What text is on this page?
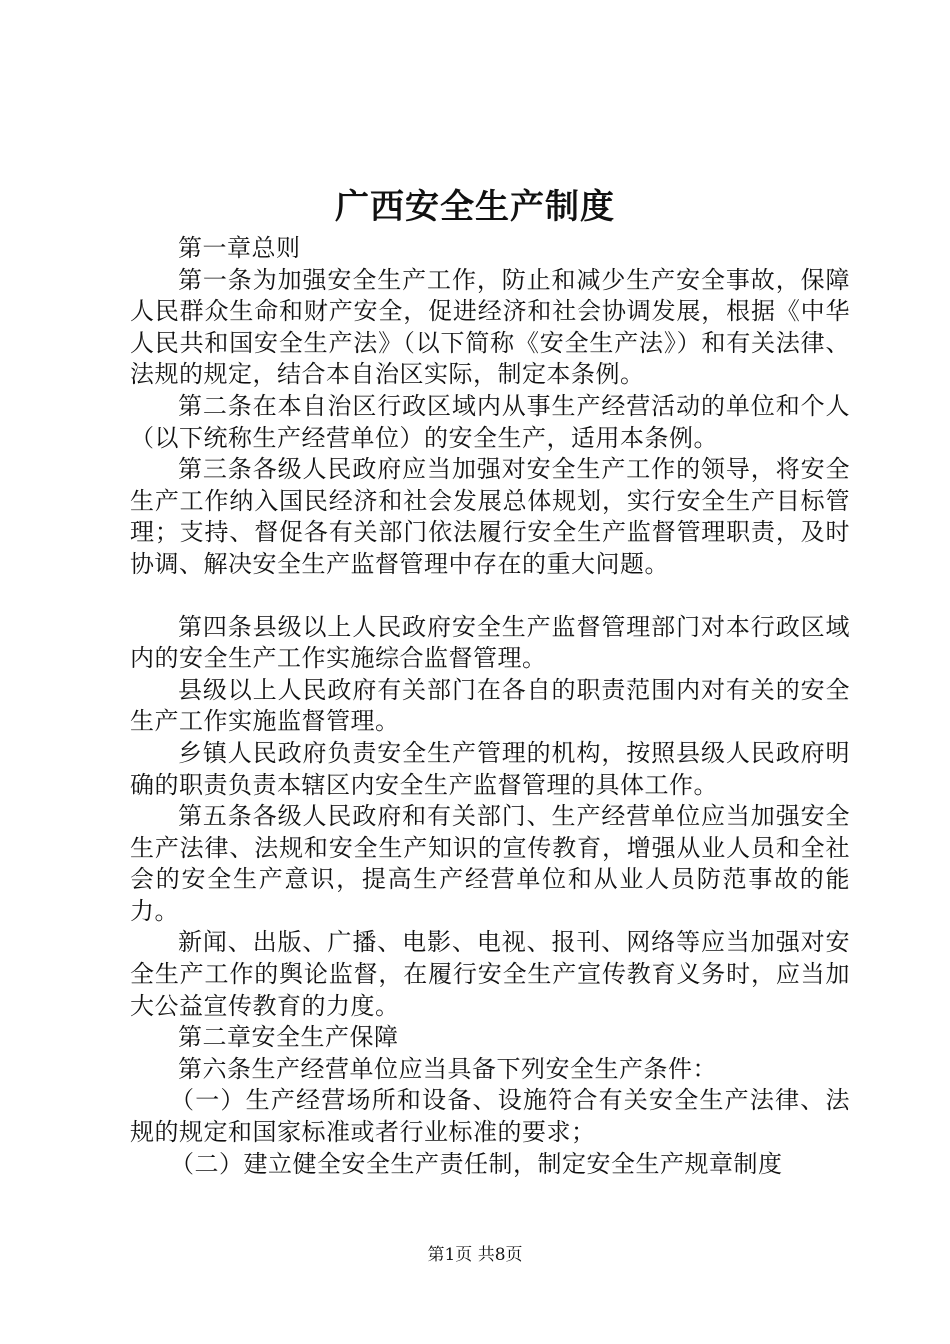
广西安全生产制度

第一章总则

第一条为加强安全生产工作，防止和减少生产安全事故，保障人民群众生命和财产安全，促进经济和社会协调发展，根据《中华人民共和国安全生产法》（以下简称《安全生产法》）和有关法律、法规的规定，结合本自治区实际，制定本条例。

第二条在本自治区行政区域内从事生产经营活动的单位和个人（以下统称生产经营单位）的安全生产，适用本条例。

第三条各级人民政府应当加强对安全生产工作的领导，将安全生产工作纳入国民经济和社会发展总体规划，实行安全生产目标管理；支持、督促各有关部门依法履行安全生产监督管理职责，及时协调、解决安全生产监督管理中存在的重大问题。

第四条县级以上人民政府安全生产监督管理部门对本行政区域内的安全生产工作实施综合监督管理。

县级以上人民政府有关部门在各自的职责范围内对有关的安全生产工作实施监督管理。

乡镇人民政府负责安全生产管理的机构，按照县级人民政府明确的职责负责本辖区内安全生产监督管理的具体工作。

第五条各级人民政府和有关部门、生产经营单位应当加强安全生产法律、法规和安全生产知识的宣传教育，增强从业人员和全社会的安全生产意识，提高生产经营单位和从业人员防范事故的能力。

新闻、出版、广播、电影、电视、报刊、网络等应当加强对安全生产工作的舆论监督，在履行安全生产宣传教育义务时，应当加大公益宣传教育的力度。

第二章安全生产保障

第六条生产经营单位应当具备下列安全生产条件：

（一）生产经营场所和设备、设施符合有关安全生产法律、法规的规定和国家标准或者行业标准的要求；

（二）建立健全安全生产责任制，制定安全生产规章制度

第1页 共8页
